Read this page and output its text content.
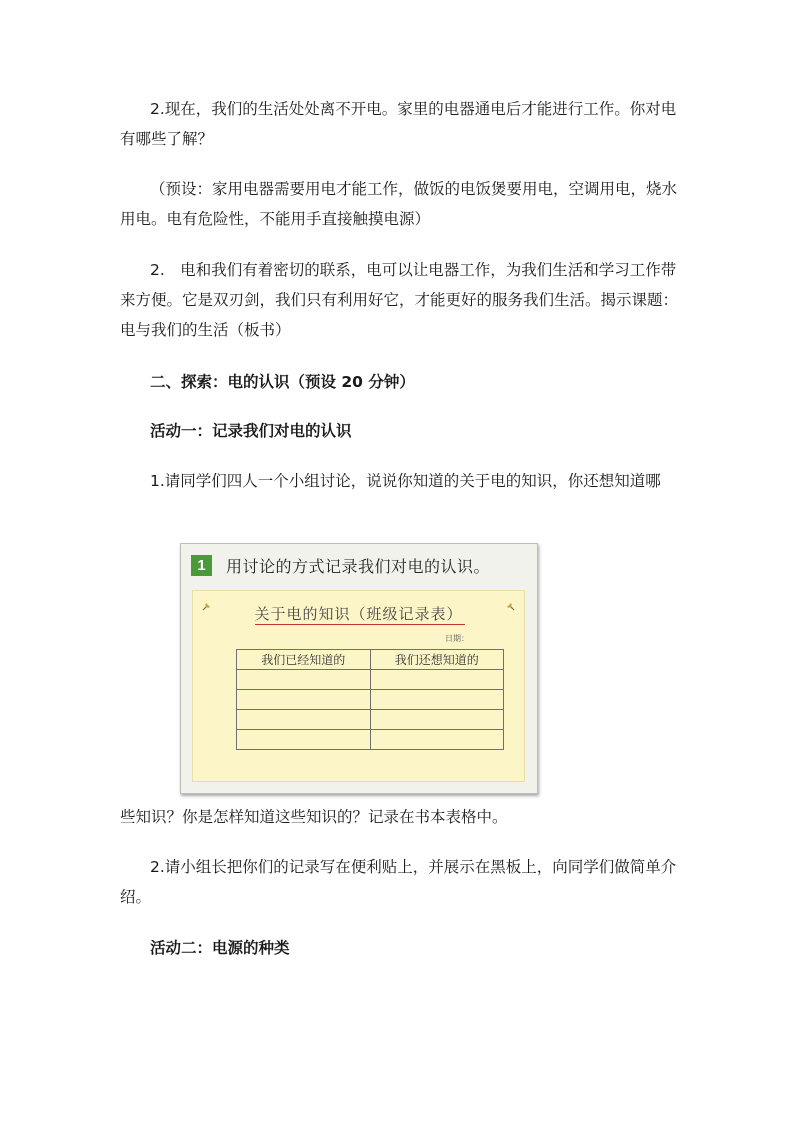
2.现在，我们的生活处处离不开电。家里的电器通电后才能进行工作。你对电有哪些了解？

（预设：家用电器需要用电才能工作，做饭的电饭煲要用电，空调用电，烧水用电。电有危险性，不能用手直接触摸电源）

2.　电和我们有着密切的联系，电可以让电器工作，为我们生活和学习工作带来方便。它是双刃剑，我们只有利用好它，才能更好的服务我们生活。揭示课题：电与我们的生活（板书）

二、探索：电的认识（预设 20 分钟）

活动一：记录我们对电的认识

1.请同学们四人一个小组讨论，说说你知道的关于电的知识，你还想知道哪

1	用讨论的方式记录我们对电的认识。
关于电的知识（班级记录表）
日期：
我们已经知道的	我们还想知道的

些知识？你是怎样知道这些知识的？记录在书本表格中。

2.请小组长把你们的记录写在便利贴上，并展示在黑板上，向同学们做简单介绍。

活动二：电源的种类
